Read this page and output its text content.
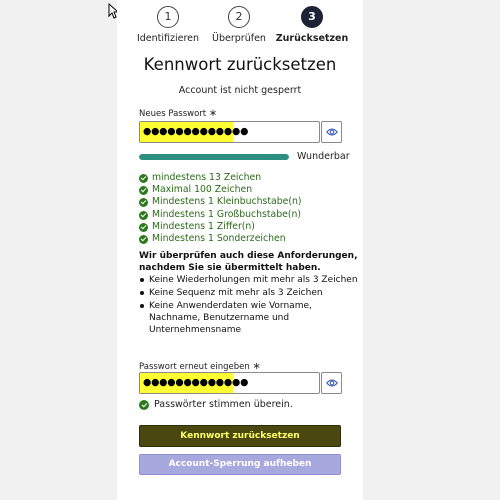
1
Identifizieren
2
Überprüfen
3
Zurücksetzen
Kennwort zurücksetzen
Account ist nicht gesperrt
Neues Passwort ∗
●●●●●●●●●●●●●
Wunderbar
mindestens 13 Zeichen
Maximal 100 Zeichen
Mindestens 1 Kleinbuchstabe(n)
Mindestens 1 Großbuchstabe(n)
Mindestens 1 Ziffer(n)
Mindestens 1 Sonderzeichen
Wir überprüfen auch diese Anforderungen, nachdem Sie sie übermittelt haben.
Keine Wiederholungen mit mehr als 3 Zeichen
Keine Sequenz mit mehr als 3 Zeichen
Keine Anwenderdaten wie Vorname, Nachname, Benutzername und Unternehmensname
Passwort erneut eingeben ∗
●●●●●●●●●●●●●
Passwörter stimmen überein.
Kennwort zurücksetzen
Account-Sperrung aufheben
